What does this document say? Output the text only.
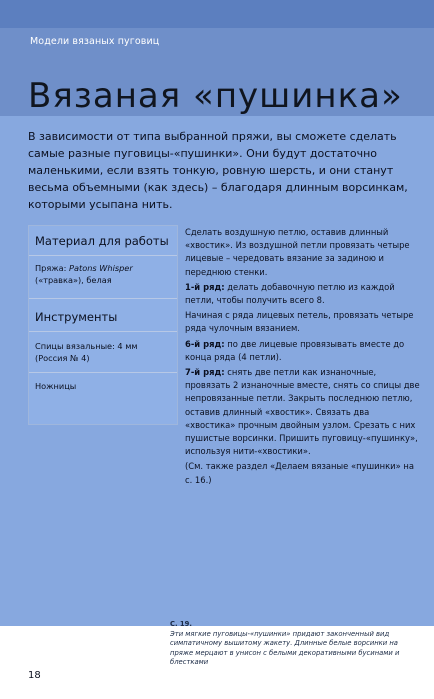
Модели вязаных пуговиц
Вязаная «пушинка»
В зависимости от типа выбранной пряжи, вы сможете сделать самые разные пуговицы-«пушинки». Они будут достаточно маленькими, если взять тонкую, ровную шерсть, и они станут весьма объемными (как здесь) – благодаря длинным ворсинкам, которыми усыпана нить.
Материал для работы
Пряжа: Patons Whisper («травка»), белая
Инструменты
Спицы вязальные: 4 мм
(Россия № 4)
Ножницы

Сделать воздушную петлю, оставив длинный «хвостик». Из воздушной петли провязать четыре лицевые – чередовать вязание за задиною и переднюю стенки.

1-й ряд: делать добавочную петлю из каждой петли, чтобы получить всего 8.

Начиная с ряда лицевых петель, провязать четыре ряда чулочным вязанием.

6-й ряд: по две лицевые провязывать вместе до конца ряда (4 петли).

7-й ряд: снять две петли как изнаночные, провязать 2 изнаночные вместе, снять со спицы две непровязанные петли. Закрыть последнюю петлю, оставив длинный «хвостик». Связать два «хвостика» прочным двойным узлом. Срезать с них пушистые ворсинки. Пришить пуговицу-«пушинку», используя нити-«хвостики».

(См. также раздел «Делаем вязаные «пушинки» на с. 16.)

С. 19.
Эти мягкие пуговицы-«пушинки» придают законченный вид симпатичному вышитому жакету. Длинные белые ворсинки на пряже мерцают в унисон с белыми декоративными бусинами и блестками
18
